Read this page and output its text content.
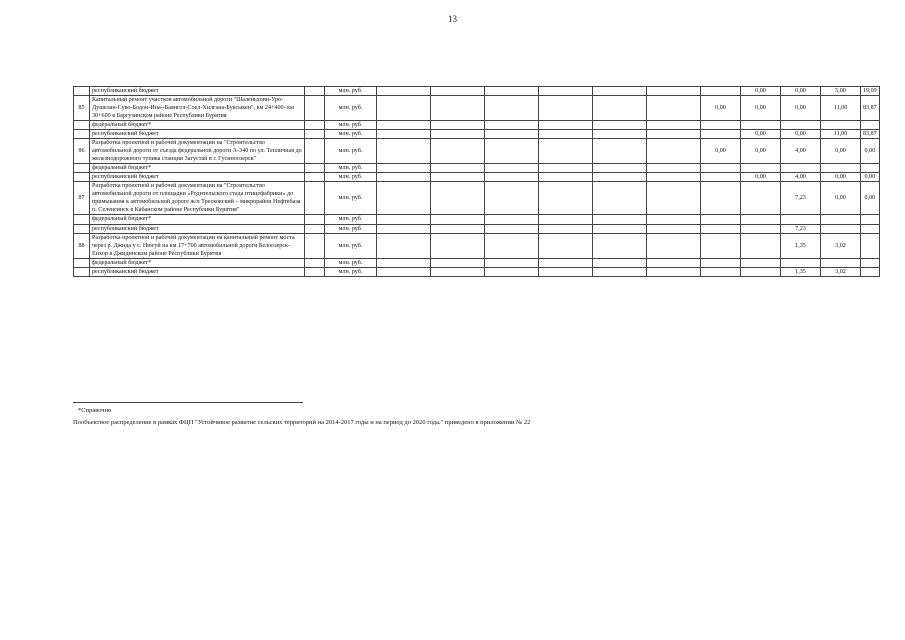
13
	республиканский бюджет		млн. руб.								0,00	0,00	5,00	19,09
85	Капитальный ремонт участков автомобильной дороги "Шаленьхоин-Уро-Душелан-Суво-Бодон-Ина--Баянгол-Соел-Хилгана-Буксыкен", км 24+400- км 30+600 в Баргузинском районе Республики Бурятия		млн. руб.							0,00	0,00	0,00	11,00	83,87
	федеральный бюджет*		млн. руб.											
	республиканский бюджет		млн. руб.								0,00	0,00	11,00	83,87
86	Разработка проектной и рабочей документации на "Строительство автомобильной дороги от съезда федеральной дороги А-340 по ул. Тепличная до железнодорожного тупика станции Загустай в г. Гусиноозерск"		млн. руб.							0,00	0,00	4,00	0,00	0,00
	федеральный бюджет*		млн. руб.											
	республиканский бюджет		млн. руб.								0,00	4,00	0,00	0,00
87	Разработка проектной и рабочей документации на "Строительство автомобильной дороги от площадки «Родительского стада птицефабрики» до примыкания к автомобильной дороге ж/п Тресковский – микрорайон Нефтебаза п. Селенгинск в Кабанском районе Республики Бурятия"		млн. руб.									7,23	0,00	0,00
	федеральный бюджет*		млн. руб.											
	республиканский бюджет		млн. руб.									7,23		
88	Разработка проектной и рабочей документации на капитальный ремонт моста через р. Джида у с. Нюгуй на км 17+700 автомобильной дороги Белоозерск-Енхор в Джидинском районе Республики Бурятия		млн. руб.									1,35	3,02	
	федеральный бюджет*		млн. руб.											
	республиканский бюджет		млн. руб.									1,35	3,02	
*Справочно
Пообъектное распределение в рамках ФЦП "Устойчивое развитие сельских территорий на 2014-2017 годы и на период до 2020 года." приведено в приложении № 22
